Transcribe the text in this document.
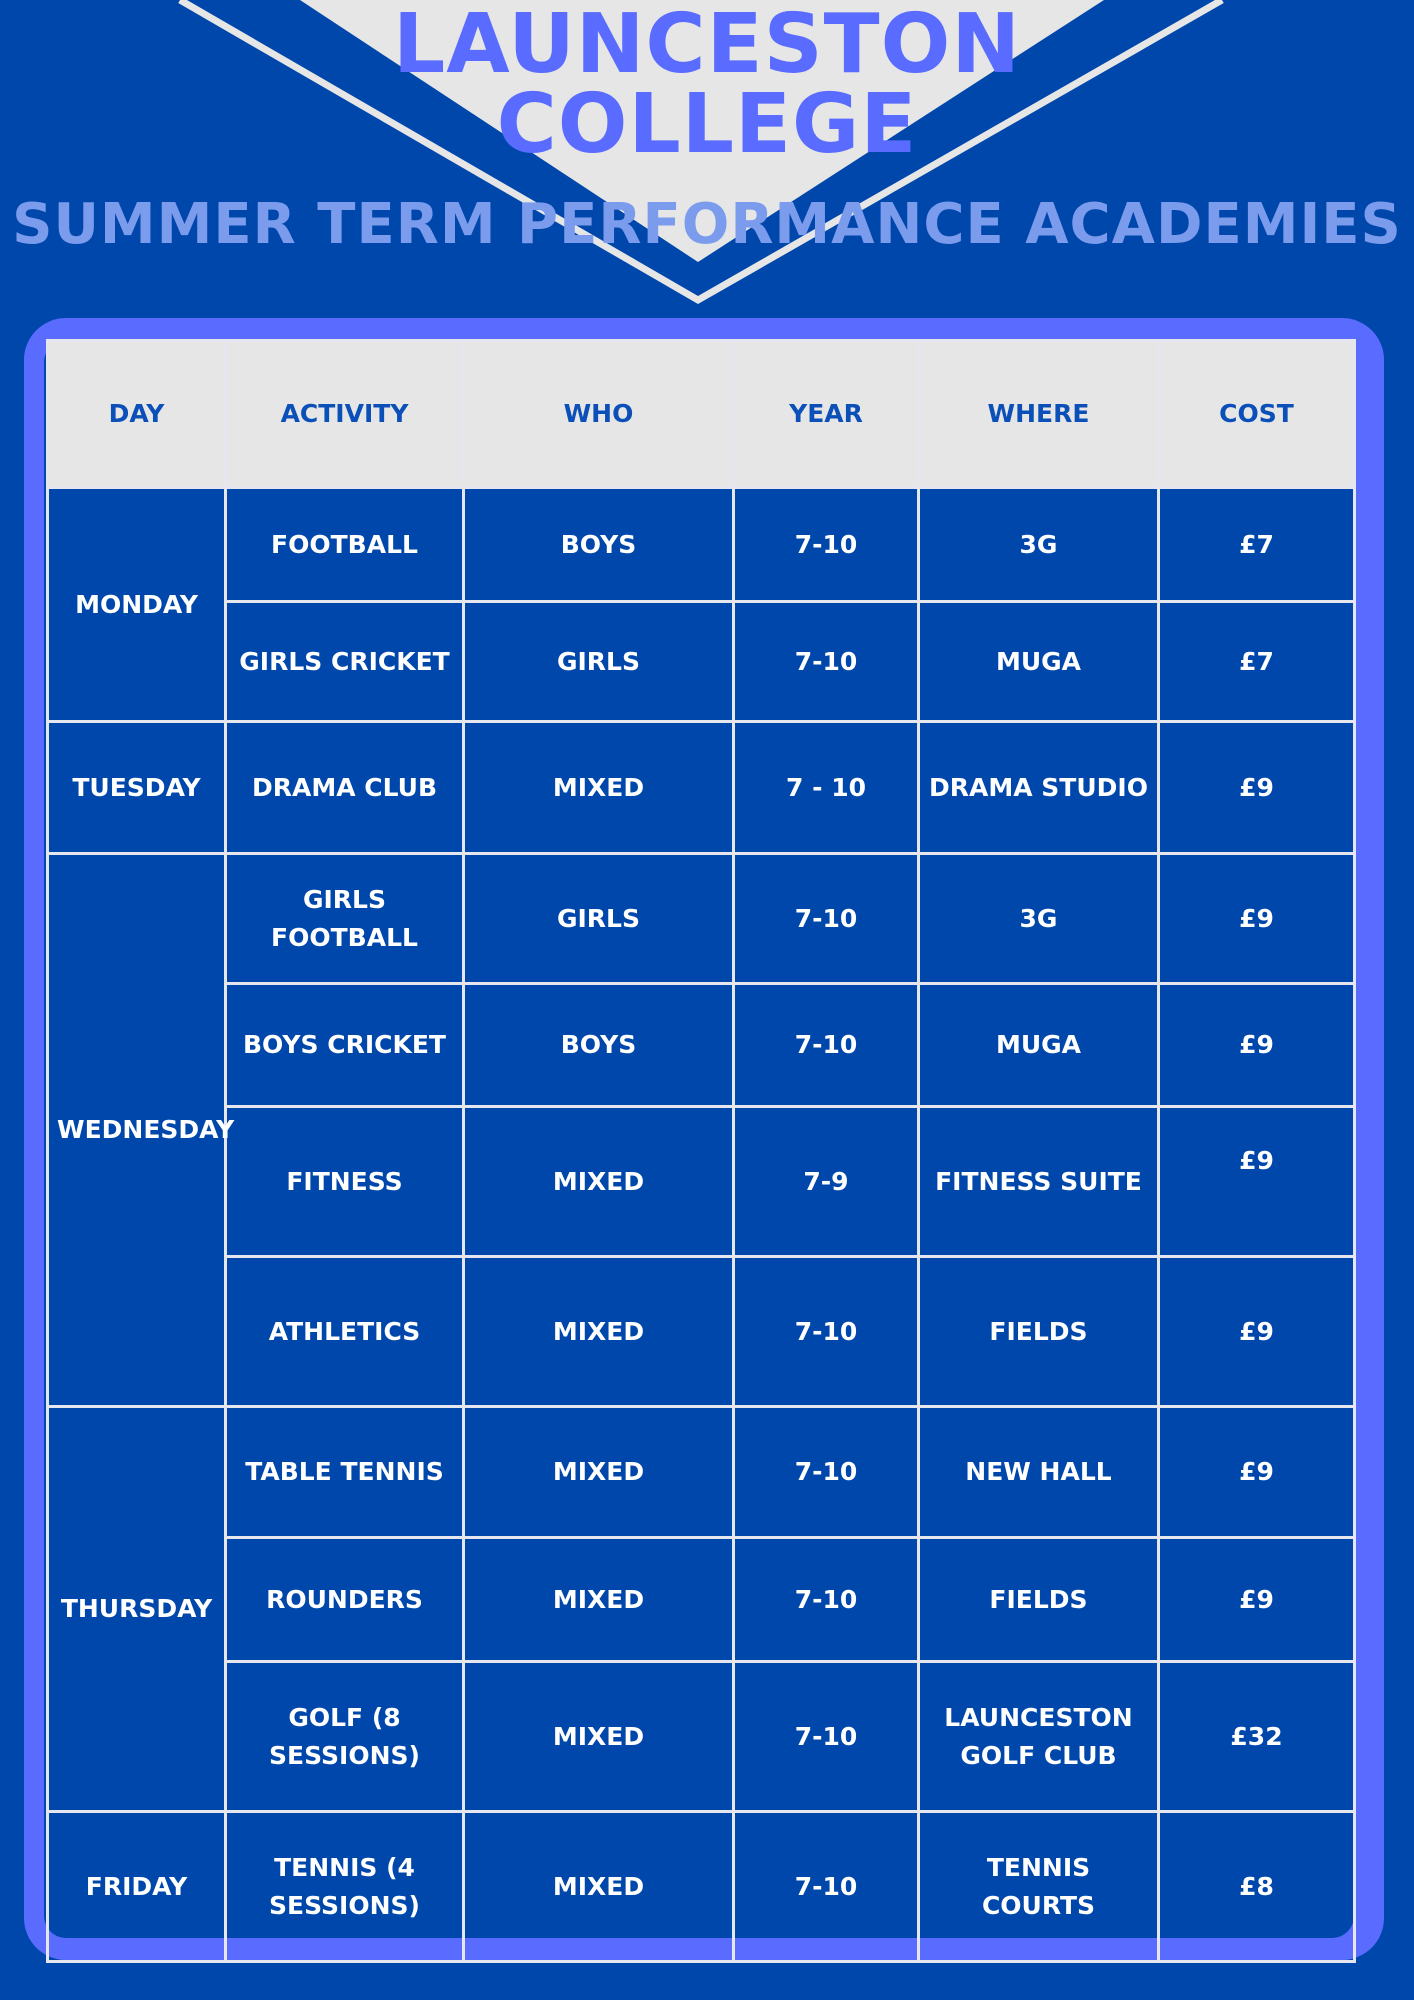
LAUNCESTON
COLLEGE
SUMMER TERM PERFORMANCE ACADEMIES
DAY	ACTIVITY	WHO	YEAR	WHERE	COST
MONDAY	FOOTBALL	BOYS	7-10	3G	£7
	GIRLS CRICKET	GIRLS	7-10	MUGA	£7
TUESDAY	DRAMA CLUB	MIXED	7 - 10	DRAMA STUDIO	£9
WEDNESDAY	GIRLS FOOTBALL	GIRLS	7-10	3G	£9
	BOYS CRICKET	BOYS	7-10	MUGA	£9
	FITNESS	MIXED	7-9	FITNESS SUITE	£9
	ATHLETICS	MIXED	7-10	FIELDS	£9
THURSDAY	TABLE TENNIS	MIXED	7-10	NEW HALL	£9
	ROUNDERS	MIXED	7-10	FIELDS	£9
	GOLF (8 SESSIONS)	MIXED	7-10	LAUNCESTON GOLF CLUB	£32
FRIDAY	TENNIS (4 SESSIONS)	MIXED	7-10	TENNIS COURTS	£8
